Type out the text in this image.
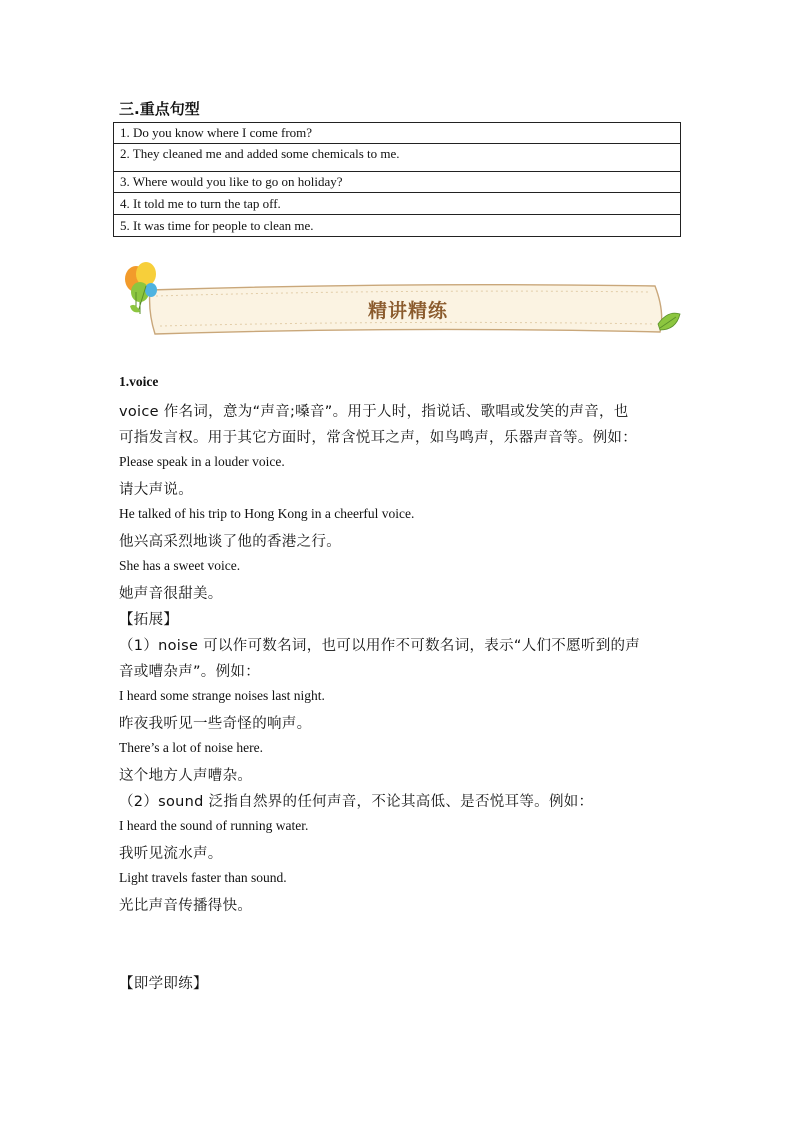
三.重点句型
1. Do you know where I come from?
2. They cleaned me and added some chemicals to me.
3. Where would you like to go on holiday?
4. It told me to turn the tap off.
5. It was time for people to clean me.
精讲精练
1.voice
voice 作名词，意为“声音;嗓音”。用于人时，指说话、歌唱或发笑的声音，也
可指发言权。用于其它方面时，常含悦耳之声，如鸟鸣声，乐器声音等。例如：
Please speak in a louder voice.
请大声说。
He talked of his trip to Hong Kong in a cheerful voice.
他兴高采烈地谈了他的香港之行。
She has a sweet voice.
她声音很甜美。
【拓展】
（1）noise 可以作可数名词，也可以用作不可数名词，表示“人们不愿听到的声
音或嘈杂声”。例如：
I heard some strange noises last night.
昨夜我听见一些奇怪的响声。
There’s a lot of noise here.
这个地方人声嘈杂。
（2）sound 泛指自然界的任何声音，不论其高低、是否悦耳等。例如：
I heard the sound of running water.
我听见流水声。
Light travels faster than sound.
光比声音传播得快。
【即学即练】
